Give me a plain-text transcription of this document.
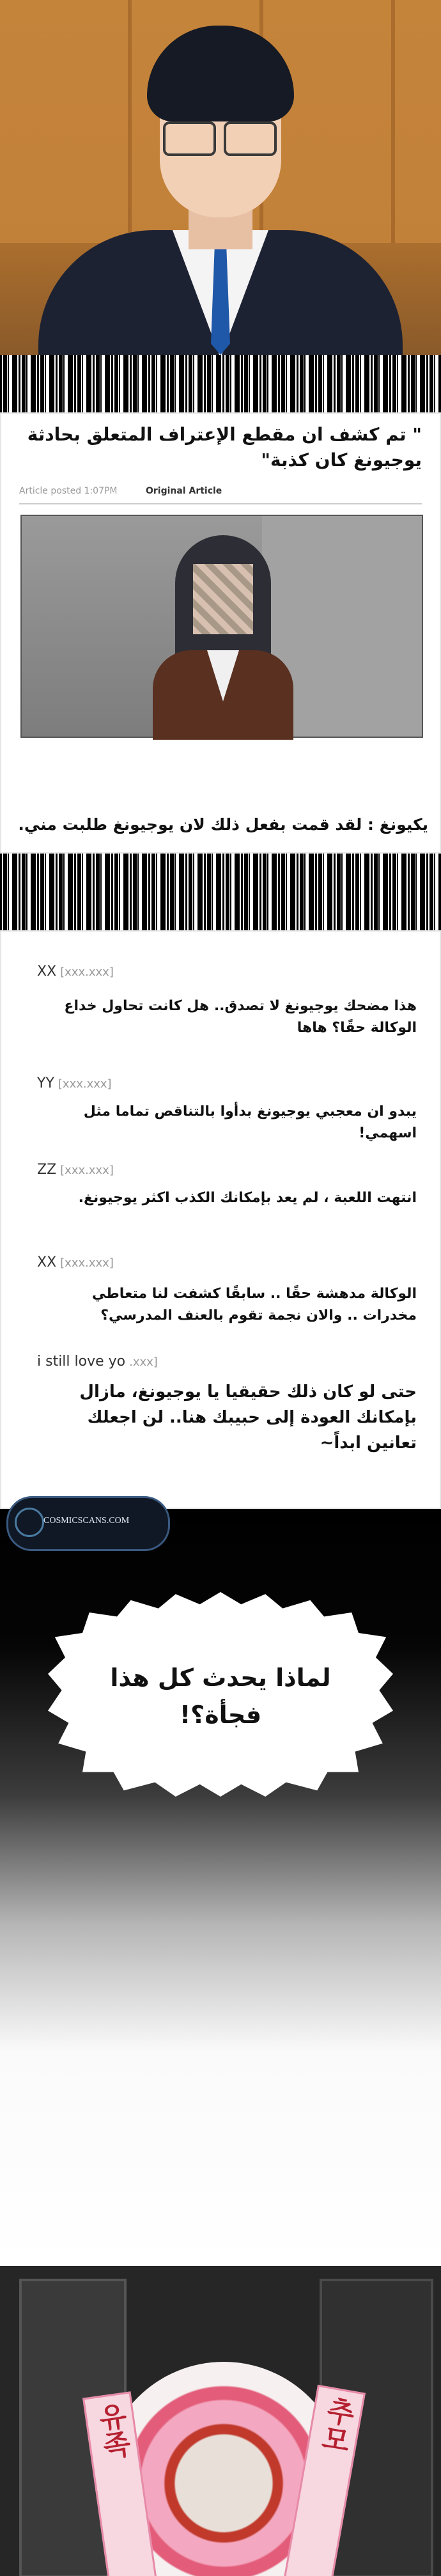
" تم كشف ان مقطع الإعتراف المتعلق بحادثة يوجيونغ كان كذبة"
Article posted 1:07PM	Original Article
يكيونغ : لقد قمت بفعل ذلك لان يوجيونغ طلبت مني.
XX [xxx.xxx]
هذا مضحك يوجيونغ لا تصدق.. هل كانت تحاول خداع الوكالة حقًا؟ هاها
YY [xxx.xxx]
يبدو ان معجبي يوجيونغ بدأوا بالتناقص تماما مثل اسهمي!
ZZ [xxx.xxx]
انتهت اللعبة ، لم يعد بإمكانك الكذب اكثر يوجيونغ.
XX [xxx.xxx]
الوكالة مدهشة حقًا .. سابقًا كشفت لنا متعاطي مخدرات .. والان نجمة تقوم بالعنف المدرسي؟
i still love yo .xxx]
حتى لو كان ذلك حقيقيا يا يوجيونغ، مازال بإمكانك العودة إلى حبيبك هنا.. لن اجعلك تعانين ابداً~
لماذا يحدث كل هذا فجأة؟!
COSMICSCANS.COM
유족	추모
